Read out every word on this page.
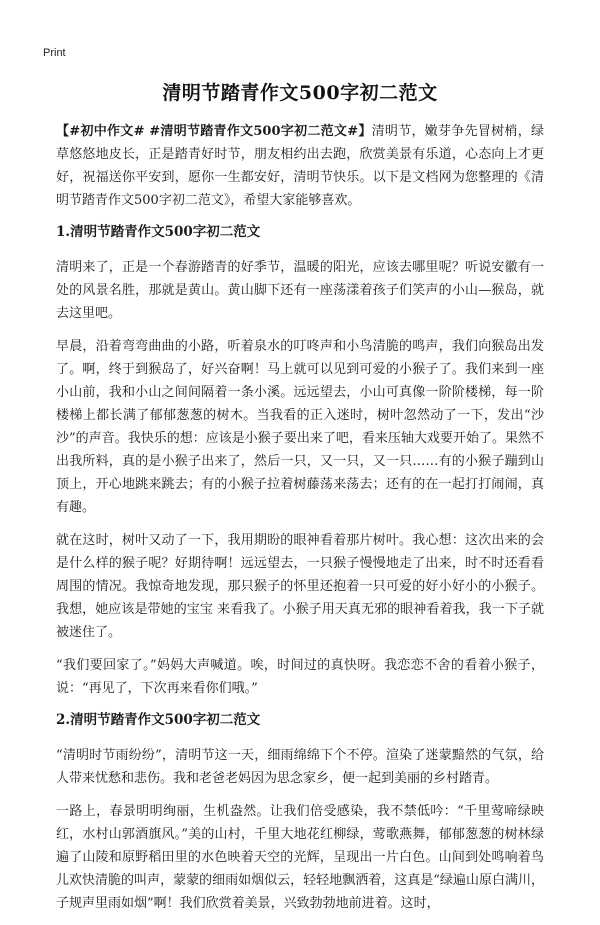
Print
清明节踏青作文500字初二范文

【#初中作文# #清明节踏青作文500字初二范文#】清明节，嫩芽争先冒树梢，绿草悠悠地皮长，正是踏青好时节，朋友相约出去跑，欣赏美景有乐道，心态向上才更好，祝福送你平安到，愿你一生都安好，清明节快乐。以下是文档网为您整理的《清明节踏青作文500字初二范文》，希望大家能够喜欢。

1.清明节踏青作文500字初二范文

清明来了，正是一个春游踏青的好季节，温暖的阳光，应该去哪里呢？听说安徽有一处的风景名胜，那就是黄山。黄山脚下还有一座荡漾着孩子们笑声的小山—猴岛，就去这里吧。

早晨，沿着弯弯曲曲的小路，听着泉水的叮咚声和小鸟清脆的鸣声，我们向猴岛出发了。啊，终于到猴岛了，好兴奋啊！马上就可以见到可爱的小猴子了。我们来到一座小山前，我和小山之间间隔着一条小溪。远远望去，小山可真像一阶阶楼梯，每一阶楼梯上都长满了郁郁葱葱的树木。当我看的正入迷时，树叶忽然动了一下，发出“沙沙”的声音。我快乐的想：应该是小猴子要出来了吧，看来压轴大戏要开始了。果然不出我所料，真的是小猴子出来了，然后一只，又一只，又一只……有的小猴子蹦到山顶上，开心地跳来跳去；有的小猴子拉着树藤荡来荡去；还有的在一起打打闹闹，真有趣。

就在这时，树叶又动了一下，我用期盼的眼神看着那片树叶。我心想：这次出来的会是什么样的猴子呢？好期待啊！远远望去，一只猴子慢慢地走了出来，时不时还看看周围的情况。我惊奇地发现，那只猴子的怀里还抱着一只可爱的好小好小的小猴子。我想，她应该是带她的宝宝 来看我了。小猴子用天真无邪的眼神看着我，我一下子就被迷住了。

“我们要回家了。”妈妈大声喊道。唉，时间过的真快呀。我恋恋不舍的看着小猴子，说：“再见了，下次再来看你们哦。”

2.清明节踏青作文500字初二范文

“清明时节雨纷纷”，清明节这一天，细雨绵绵下个不停。渲染了迷蒙黯然的气氛，给人带来忧愁和悲伤。我和老爸老妈因为思念家乡，便一起到美丽的乡村踏青。

一路上，春景明明绚丽，生机盎然。让我们倍受感染，我不禁低吟：“千里莺啼绿映红，水村山郭酒旗风。”美的山村，千里大地花红柳绿，莺歌燕舞，郁郁葱葱的树林绿遍了山陵和原野稻田里的水色映着天空的光辉，呈现出一片白色。山间到处鸣响着鸟儿欢快清脆的叫声，蒙蒙的细雨如烟似云，轻轻地飘洒着，这真是“绿遍山原白满川，子规声里雨如烟”啊！我们欣赏着美景，兴致勃勃地前进着。这时，
